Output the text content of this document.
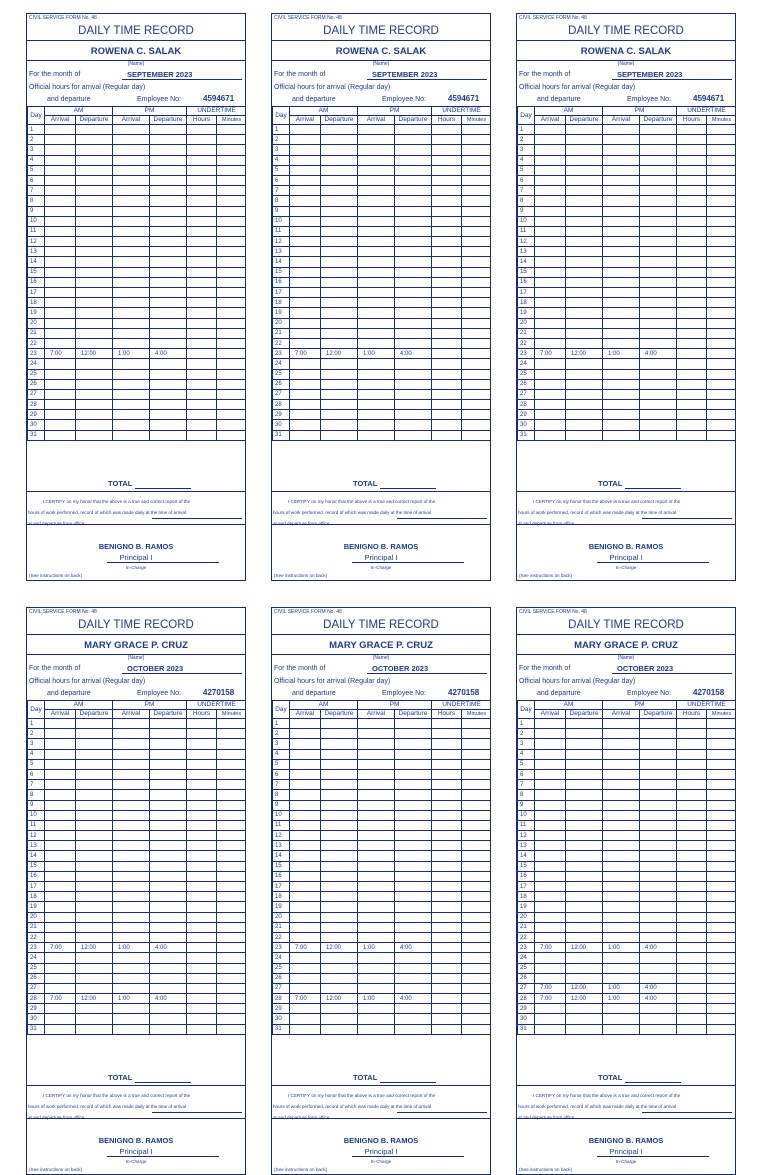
CIVIL SERVICE FORM No. 48
DAILY TIME RECORD
ROWENA C. SALAK
(Name)
For the month of	SEPTEMBER 2023
Official hours for arrival (Regular day)
and departure	Employee No:	4594671
Day	AM		PM		UNDERTIME	
	Arrival	Departure	Arrival	Departure	Hours	Minutes
1						
2						
3						
4						
5						
6						
7						
8						
9						
10						
11						
12						
13						
14						
15						
16						
17						
18						
19						
20						
21						
22						
23	7:00	12:00	1:00	4:00		
24						
25						
26						
27						
28						
29						
30						
31						
TOTAL
I CERTIFY on my honor that the above is a true and correct report of the
hours of work performed, record of which was made daily at the time of arrival
at and departure from office.
BENIGNO B. RAMOS
Principal I
In-Charge
(See instructions on back)
CIVIL SERVICE FORM No. 48
DAILY TIME RECORD
ROWENA C. SALAK
(Name)
For the month of	SEPTEMBER 2023
Official hours for arrival (Regular day)
and departure	Employee No:	4594671
Day	AM		PM		UNDERTIME	
	Arrival	Departure	Arrival	Departure	Hours	Minutes
1						
2						
3						
4						
5						
6						
7						
8						
9						
10						
11						
12						
13						
14						
15						
16						
17						
18						
19						
20						
21						
22						
23	7:00	12:00	1:00	4:00		
24						
25						
26						
27						
28						
29						
30						
31						
TOTAL
I CERTIFY on my honor that the above is a true and correct report of the
hours of work performed, record of which was made daily at the time of arrival
at and departure from office.
BENIGNO B. RAMOS
Principal I
In-Charge
(See instructions on back)
CIVIL SERVICE FORM No. 48
DAILY TIME RECORD
ROWENA C. SALAK
(Name)
For the month of	SEPTEMBER 2023
Official hours for arrival (Regular day)
and departure	Employee No:	4594671
Day	AM		PM		UNDERTIME	
	Arrival	Departure	Arrival	Departure	Hours	Minutes
1						
2						
3						
4						
5						
6						
7						
8						
9						
10						
11						
12						
13						
14						
15						
16						
17						
18						
19						
20						
21						
22						
23	7:00	12:00	1:00	4:00		
24						
25						
26						
27						
28						
29						
30						
31						
TOTAL
I CERTIFY on my honor that the above is a true and correct report of the
hours of work performed, record of which was made daily at the time of arrival
at and departure from office.
BENIGNO B. RAMOS
Principal I
In-Charge
(See instructions on back)
CIVIL SERVICE FORM No. 48
DAILY TIME RECORD
MARY GRACE P. CRUZ
(Name)
For the month of	OCTOBER 2023
Official hours for arrival (Regular day)
and departure	Employee No:	4270158
Day	AM		PM		UNDERTIME	
	Arrival	Departure	Arrival	Departure	Hours	Minutes
1						
2						
3						
4						
5						
6						
7						
8						
9						
10						
11						
12						
13						
14						
15						
16						
17						
18						
19						
20						
21						
22						
23	7:00	12:00	1:00	4:00		
24						
25						
26						
27						
28	7:00	12:00	1:00	4:00		
29						
30						
31						
TOTAL
I CERTIFY on my honor that the above is a true and correct report of the
hours of work performed, record of which was made daily at the time of arrival
at and departure from office.
BENIGNO B. RAMOS
Principal I
In-Charge
(See instructions on back)
CIVIL SERVICE FORM No. 48
DAILY TIME RECORD
MARY GRACE P. CRUZ
(Name)
For the month of	OCTOBER 2023
Official hours for arrival (Regular day)
and departure	Employee No:	4270158
Day	AM		PM		UNDERTIME	
	Arrival	Departure	Arrival	Departure	Hours	Minutes
1						
2						
3						
4						
5						
6						
7						
8						
9						
10						
11						
12						
13						
14						
15						
16						
17						
18						
19						
20						
21						
22						
23	7:00	12:00	1:00	4:00		
24						
25						
26						
27						
28	7:00	12:00	1:00	4:00		
29						
30						
31						
TOTAL
I CERTIFY on my honor that the above is a true and correct report of the
hours of work performed, record of which was made daily at the time of arrival
at and departure from office.
BENIGNO B. RAMOS
Principal I
In-Charge
(See instructions on back)
CIVIL SERVICE FORM No. 48
DAILY TIME RECORD
MARY GRACE P. CRUZ
(Name)
For the month of	OCTOBER 2023
Official hours for arrival (Regular day)
and departure	Employee No:	4270158
Day	AM		PM		UNDERTIME	
	Arrival	Departure	Arrival	Departure	Hours	Minutes
1						
2						
3						
4						
5						
6						
7						
8						
9						
10						
11						
12						
13						
14						
15						
16						
17						
18						
19						
20						
21						
22						
23	7:00	12:00	1:00	4:00		
24						
25						
26						
27	7:00	12:00	1:00	4:00		
28	7:00	12:00	1:00	4:00		
29						
30						
31						
TOTAL
I CERTIFY on my honor that the above is a true and correct report of the
hours of work performed, record of which was made daily at the time of arrival
at and departure from office.
BENIGNO B. RAMOS
Principal I
In-Charge
(See instructions on back)
